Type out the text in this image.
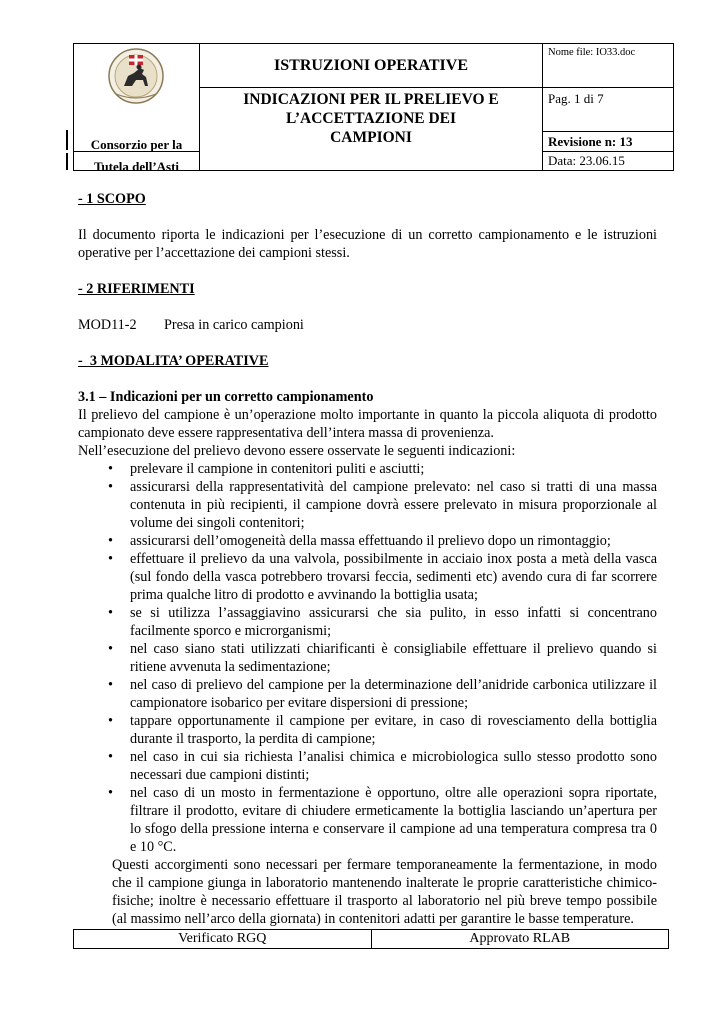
Consorzio per la
Tutela dell’Asti	ISTRUZIONI OPERATIVE	Nome file: IO33.doc

	INDICAZIONI PER IL PRELIEVO E
L’ACCETTAZIONE DEI
CAMPIONI	Pag. 1 di 7
		Revisione n: 13
		Data: 23.06.15

- 1 SCOPO

Il documento riporta le indicazioni per l’esecuzione di un corretto campionamento e le istruzioni operative per l’accettazione dei campioni stessi.

- 2 RIFERIMENTI

MOD11-2 Presa in carico campioni

-  3 MODALITA’ OPERATIVE

3.1 – Indicazioni per un corretto campionamento

Il prelievo del campione è un’operazione molto importante in quanto la piccola aliquota di prodotto campionato deve essere rappresentativa dell’intera massa di provenienza.

Nell’esecuzione del prelievo devono essere osservate le seguenti indicazioni:

• prelevare il campione in contenitori puliti e asciutti;
• assicurarsi della rappresentatività del campione prelevato: nel caso si tratti di una massa contenuta in più recipienti, il campione dovrà essere prelevato in misura proporzionale al volume dei singoli contenitori;
• assicurarsi dell’omogeneità della massa effettuando il prelievo dopo un rimontaggio;
• effettuare il prelievo da una valvola, possibilmente in acciaio inox posta a metà della vasca (sul fondo della vasca potrebbero trovarsi feccia, sedimenti etc) avendo cura di far scorrere prima qualche litro di prodotto e avvinando la bottiglia usata;
• se si utilizza l’assaggiavino assicurarsi che sia pulito, in esso infatti si concentrano facilmente sporco e microrganismi;
• nel caso siano stati utilizzati chiarificanti è consigliabile effettuare il prelievo quando si ritiene avvenuta la sedimentazione;
• nel caso di prelievo del campione per la determinazione dell’anidride carbonica utilizzare il campionatore isobarico per evitare dispersioni di pressione;
• tappare opportunamente il campione per evitare, in caso di rovesciamento della bottiglia durante il trasporto, la perdita di campione;
• nel caso in cui sia richiesta l’analisi chimica e microbiologica sullo stesso prodotto sono necessari due campioni distinti;
• nel caso di un mosto in fermentazione è opportuno, oltre alle operazioni sopra riportate, filtrare il prodotto, evitare di chiudere ermeticamente la bottiglia lasciando un’apertura per lo sfogo della pressione interna e conservare il campione ad una temperatura compresa tra 0 e 10 °C.

Questi accorgimenti sono necessari per fermare temporaneamente la fermentazione, in modo che il campione giunga in laboratorio mantenendo inalterate le proprie caratteristiche chimico-fisiche; inoltre è necessario effettuare il trasporto al laboratorio nel più breve tempo possibile (al massimo nell’arco della giornata) in contenitori adatti per garantire le basse temperature.

Verificato RGQ	Approvato RLAB
